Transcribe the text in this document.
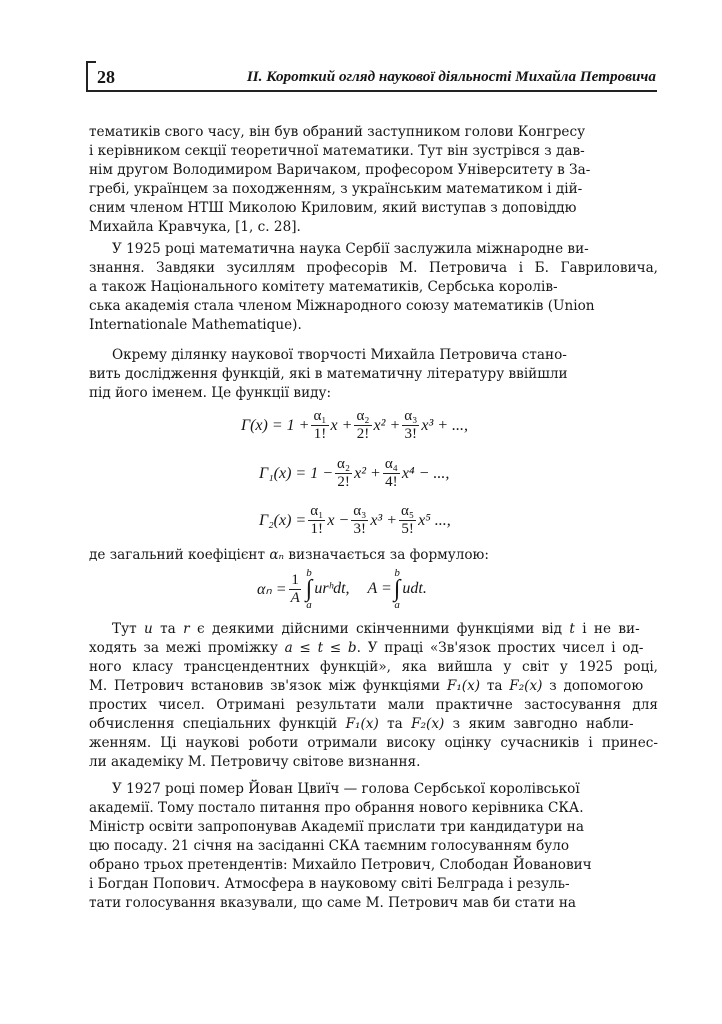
28	ІІ. Короткий огляд наукової діяльності Михайла Петровича

тематиків свого часу, він був обраний заступником голови Конгресу

і керівником секції теоретичної математики. Тут він зустрівся з дав-

нім другом Володимиром Варичаком, професором Університету в За-

гребі, українцем за походженням, з українським математиком і дій-

сним членом НТШ Миколою Криловим, який виступав з доповіддю

Михайла Кравчука, [1, с. 28].

У 1925 році математична наука Сербії заслужила міжнародне ви-

знання. Завдяки зусиллям професорів М. Петровича і Б. Гавриловича,

а також Національного комітету математиків, Сербська королів-

ська академія стала членом Міжнародного союзу математиків (Union

Internationale Mathematique).

Окрему ділянку наукової творчості Михайла Петровича стано-

вить дослідження функцій, які в математичну літературу ввійшли

під його іменем. Це функції виду:

$\Gamma(x) = 1 + \frac{\text{α₁}}{1!}$ $x + \frac{\text{α₂}}{2!} x^2 + \frac{\text{α₃}}{3!} x^3$ + ...,
$\Gamma_1(x) = 1 - \frac{\text{α₂}}{2!} x^2 + \frac{\text{α₄}}{4!} x^4$ − ...,
$\Gamma_2(x) = \frac{\text{α₁}}{1!}$ $x - \frac{\text{α₃}}{3!} x^3 + \frac{\text{α₅}}{5!} x^5$ ...,

де загальний коефіцієнт αₙ визначається за формулою:

$\alpha_n = \frac{1}{A}$ b
∫
a
urʰdt, A =
b
∫
a
udt.

Тут u та r є деякими дійсними скінченними функціями від t і не ви-

ходять за межі проміжку a ≤ t ≤ b. У праці «Зв'язок простих чисел і од-

ного класу трансцендентних функцій», яка вийшла у світ у 1925 році,

М. Петрович встановив зв'язок між функціями F₁(x) та F₂(x) з допомогою

простих чисел. Отримані результати мали практичне застосування для

обчислення спеціальних функцій F₁(x) та F₂(x) з яким завгодно набли-

женням. Ці наукові роботи отримали високу оцінку сучасників і принес-

ли академіку М. Петровичу світове визнання.

У 1927 році помер Йован Цвиїч — голова Сербської королівської

академії. Тому постало питання про обрання нового керівника СКА.

Міністр освіти запропонував Академії прислати три кандидатури на

цю посаду. 21 січня на засіданні СКА таємним голосуванням було

обрано трьох претендентів: Михайло Петрович, Слободан Йованович

і Богдан Попович. Атмосфера в науковому світі Белграда і резуль-

тати голосування вказували, що саме М. Петрович мав би стати на
